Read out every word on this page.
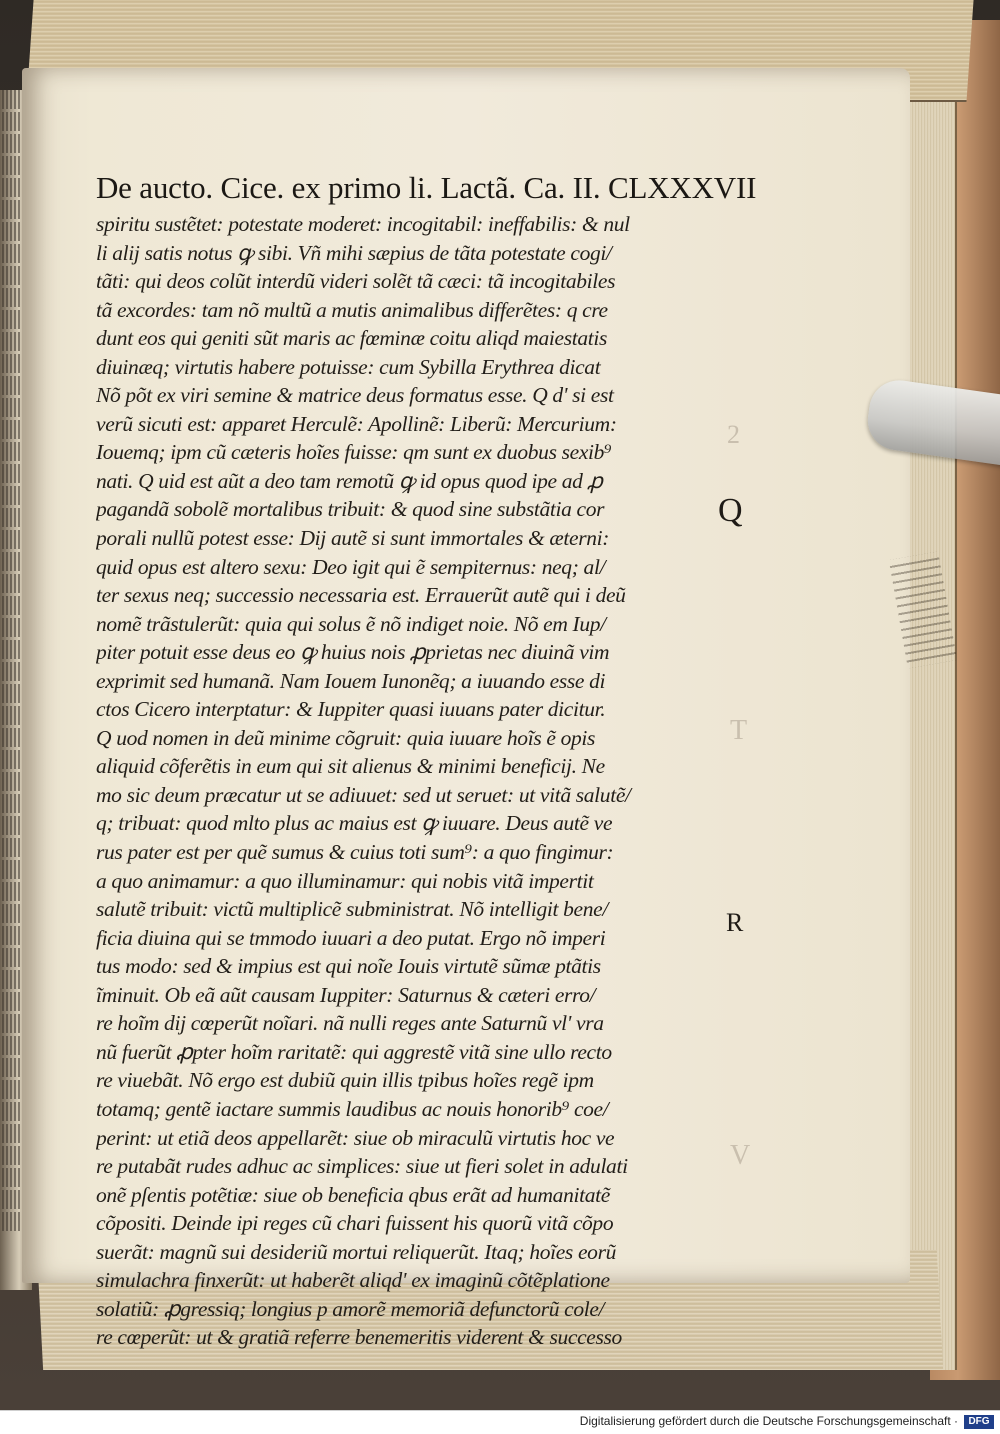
De aucto. Cice. ex primo li. Lactã. Ca. II. CLXXXVII
spiritu sustẽtet: potestate moderet: incogitabil: ineffabilis: & nul
li alij satis notus ꝙ sibi. Vñ mihi sæpius de tãta potestate cogi/
tãti: qui deos colũt interdũ videri solẽt tã cæci: tã incogitabiles
tã excordes: tam nõ multũ a mutis animalibus differẽtes: q cre
dunt eos qui geniti sũt maris ac fœminæ coitu aliqd maiestatis
diuinæq; virtutis habere potuisse: cum Sybilla Erythrea dicat
Nõ põt ex viri semine & matrice deus formatus esse. Q d' si est
verũ sicuti est: apparet Herculẽ: Apollinẽ: Liberũ: Mercurium:
Iouemq; ipm cũ cæteris hoĩes fuisse: qm sunt ex duobus sexib⁹
nati. Q uid est aũt a deo tam remotũ ꝙ id opus quod ipe ad ꝓ
pagandã sobolẽ mortalibus tribuit: & quod sine substãtia cor
porali nullũ potest esse: Dij autẽ si sunt immortales & æterni:
quid opus est altero sexu: Deo igit qui ẽ sempiternus: neq; al/
ter sexus neq; successio necessaria est. Errauerũt autẽ qui i deũ
nomẽ trãstulerũt: quia qui solus ẽ nõ indiget noie. Nõ em Iup/
piter potuit esse deus eo ꝙ huius nois ꝓprietas nec diuinã vim
exprimit sed humanã. Nam Iouem Iunonẽq; a iuuando esse di
ctos Cicero interptatur: & Iuppiter quasi iuuans pater dicitur.
Q uod nomen in deũ minime cõgruit: quia iuuare hoĩs ẽ opis
aliquid cõferẽtis in eum qui sit alienus & minimi beneficij. Ne
mo sic deum præcatur ut se adiuuet: sed ut seruet: ut vitã salutẽ/
q; tribuat: quod mlto plus ac maius est ꝙ iuuare. Deus autẽ ve
rus pater est per quẽ sumus & cuius toti sum⁹: a quo fingimur:
a quo animamur: a quo illuminamur: qui nobis vitã impertit
salutẽ tribuit: victũ multiplicẽ subministrat. Nõ intelligit bene/
ficia diuina qui se tmmodo iuuari a deo putat. Ergo nõ imperi
tus modo: sed & impius est qui noĩe Iouis virtutẽ sũmæ ptãtis
ĩminuit. Ob eã aũt causam Iuppiter: Saturnus & cæteri erro/
re hoĩm dij cœperũt noĩari. nã nulli reges ante Saturnũ vl' vra
nũ fuerũt ꝓpter hoĩm raritatẽ: qui aggrestẽ vitã sine ullo recto
re viuebãt. Nõ ergo est dubiũ quin illis tpibus hoĩes regẽ ipm
totamq; gentẽ iactare summis laudibus ac nouis honorib⁹ coe/
perint: ut etiã deos appellarẽt: siue ob miraculũ virtutis hoc ve
re putabãt rudes adhuc ac simplices: siue ut fieri solet in adulati
onẽ pſentis potẽtiæ: siue ob beneficia qbus erãt ad humanitatẽ
cõpositi. Deinde ipi reges cũ chari fuissent his quorũ vitã cõpo
suerãt: magnũ sui desideriũ mortui reliquerũt. Itaq; hoĩes eorũ
simulachra finxerũt: ut haberẽt aliqd' ex imaginũ cõtẽplatione
solatiũ: ꝓgressiq; longius p amorẽ memoriã defunctorũ cole/
re cœperũt: ut & gratiã referre benemeritis viderent & successo
2
Q
T
R
V
Digitalisierung gefördert durch die Deutsche Forschungsgemeinschaft ·	DFG
